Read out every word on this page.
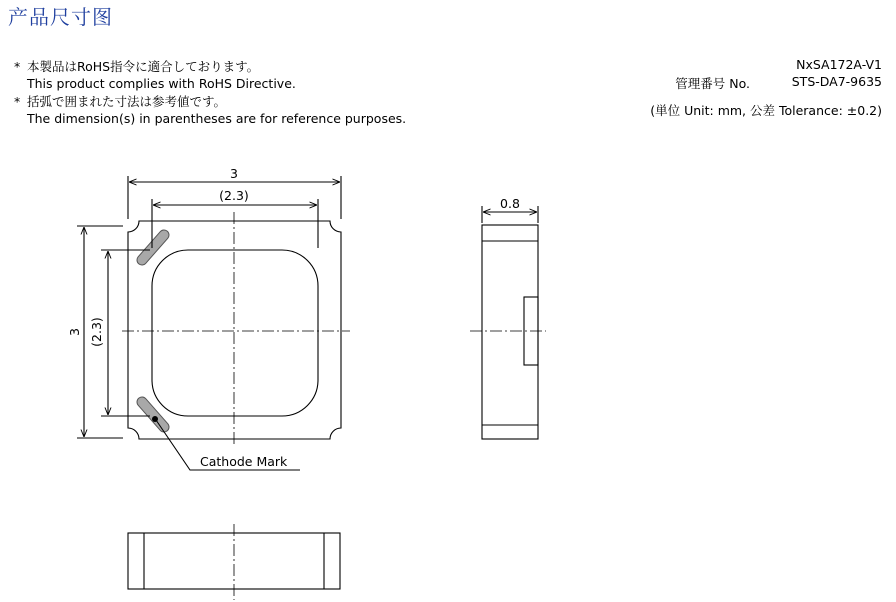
产品尺寸图
* 本製品はRoHS指令に適合しております。
This product complies with RoHS Directive.
* 括弧で囲まれた寸法は参考値です。
The dimension(s) in parentheses are for reference purposes.
NxSA172A-V1
管理番号 No.	STS-DA7-9635
(単位 Unit: mm, 公差 Tolerance: ±0.2)
3
(2.3)
3 (2.3)
0.8
Cathode Mark
